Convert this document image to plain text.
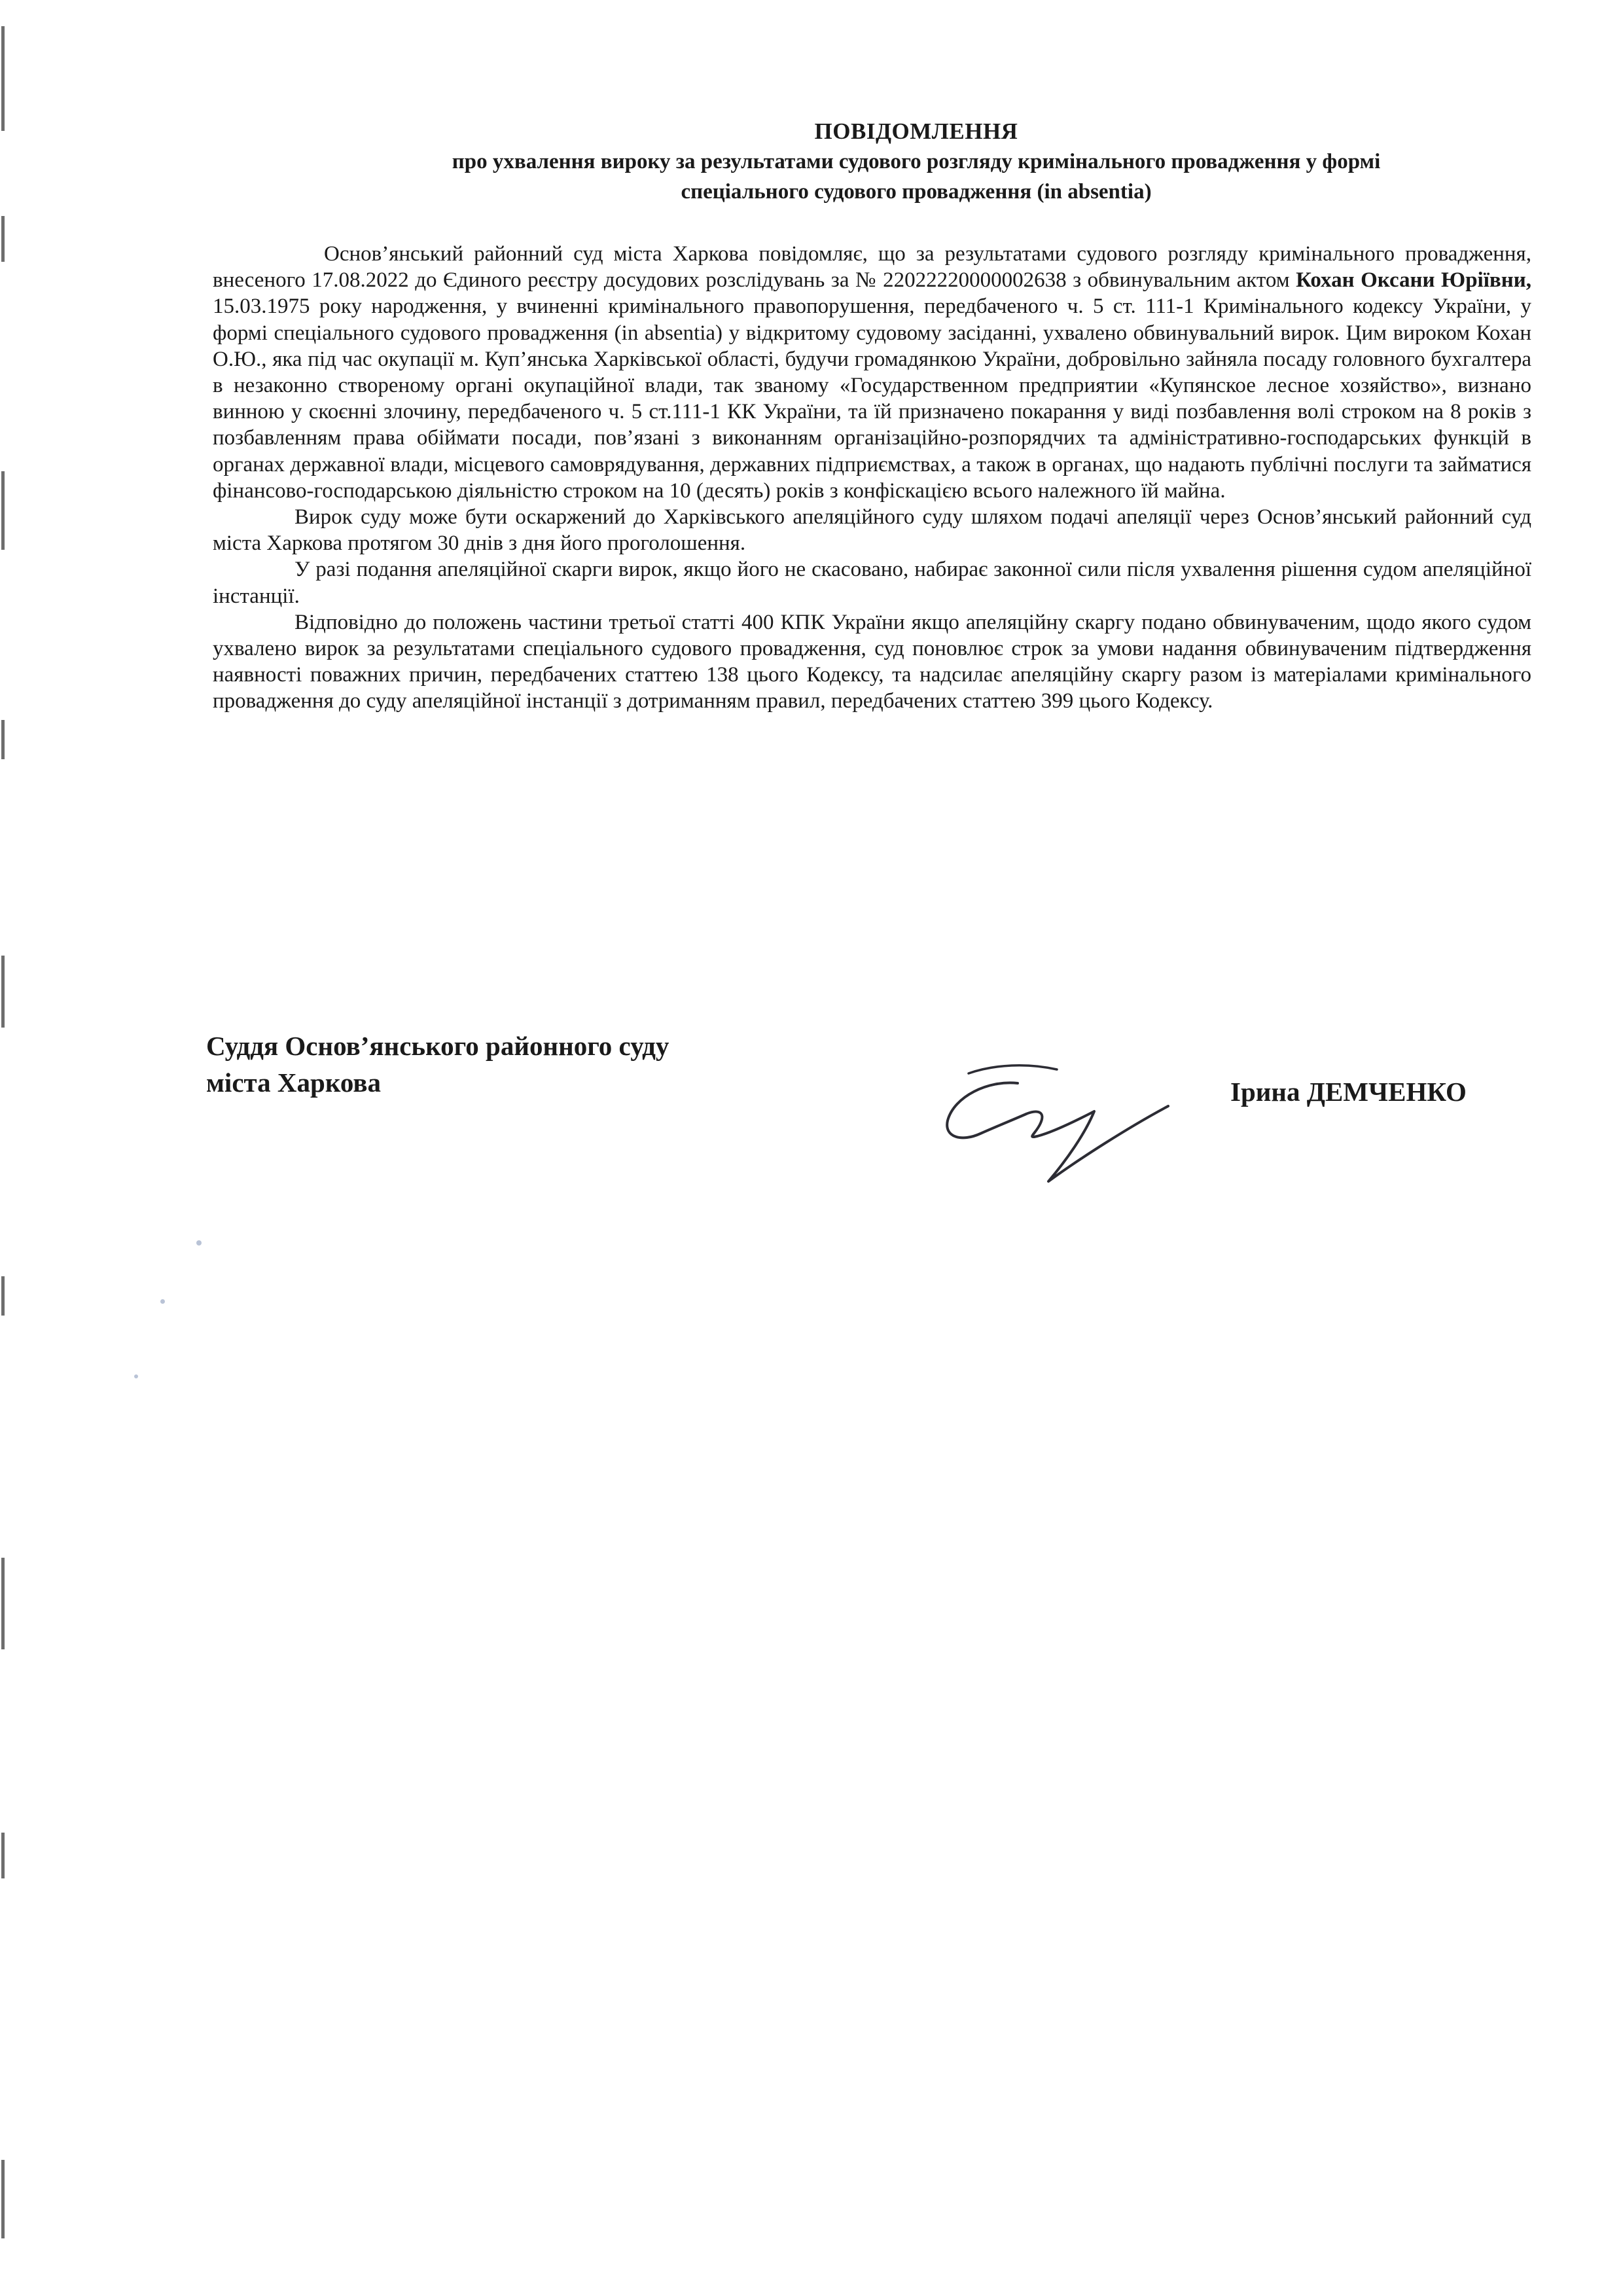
ПОВІДОМЛЕННЯ
про ухвалення вироку за результатами судового розгляду кримінального провадження у формі
спеціального судового провадження (in absentia)

Основ’янський районний суд міста Харкова повідомляє, що за результатами судового розгляду кримінального провадження, внесеного 17.08.2022 до Єдиного реєстру досудових розслідувань за № 22022220000002638 з обвинувальним актом Кохан Оксани Юріївни, 15.03.1975 року народження, у вчиненні кримінального правопорушення, передбаченого ч. 5 ст. 111-1 Кримінального кодексу України, у формі спеціального судового провадження (in absentia) у відкритому судовому засіданні, ухвалено обвинувальний вирок. Цим вироком Кохан О.Ю., яка під час окупації м. Куп’янська Харківської області, будучи громадянкою України, добровільно зайняла посаду головного бухгалтера в незаконно створеному органі окупаційної влади, так званому «Государственном предприятии «Купянское лесное хозяйство», визнано винною у скоєнні злочину, передбаченого ч. 5 ст.111-1 КК України, та їй призначено покарання у виді позбавлення волі строком на 8 років з позбавленням права обіймати посади, пов’язані з виконанням організаційно-розпорядчих та адміністративно-господарських функцій в органах державної влади, місцевого самоврядування, державних підприємствах, а також в органах, що надають публічні послуги та займатися фінансово-господарською діяльністю строком на 10 (десять) років з конфіскацією всього належного їй майна.

Вирок суду може бути оскаржений до Харківського апеляційного суду шляхом подачі апеляції через Основ’янський районний суд міста Харкова протягом 30 днів з дня його проголошення.

У разі подання апеляційної скарги вирок, якщо його не скасовано, набирає законної сили після ухвалення рішення судом апеляційної інстанції.

Відповідно до положень частини третьої статті 400 КПК України якщо апеляційну скаргу подано обвинуваченим, щодо якого судом ухвалено вирок за результатами спеціального судового провадження, суд поновлює строк за умови надання обвинуваченим підтвердження наявності поважних причин, передбачених статтею 138 цього Кодексу, та надсилає апеляційну скаргу разом із матеріалами кримінального провадження до суду апеляційної інстанції з дотриманням правил, передбачених статтею 399 цього Кодексу.

Суддя Основ’янського районного суду
міста Харкова	Ірина ДЕМЧЕНКО
